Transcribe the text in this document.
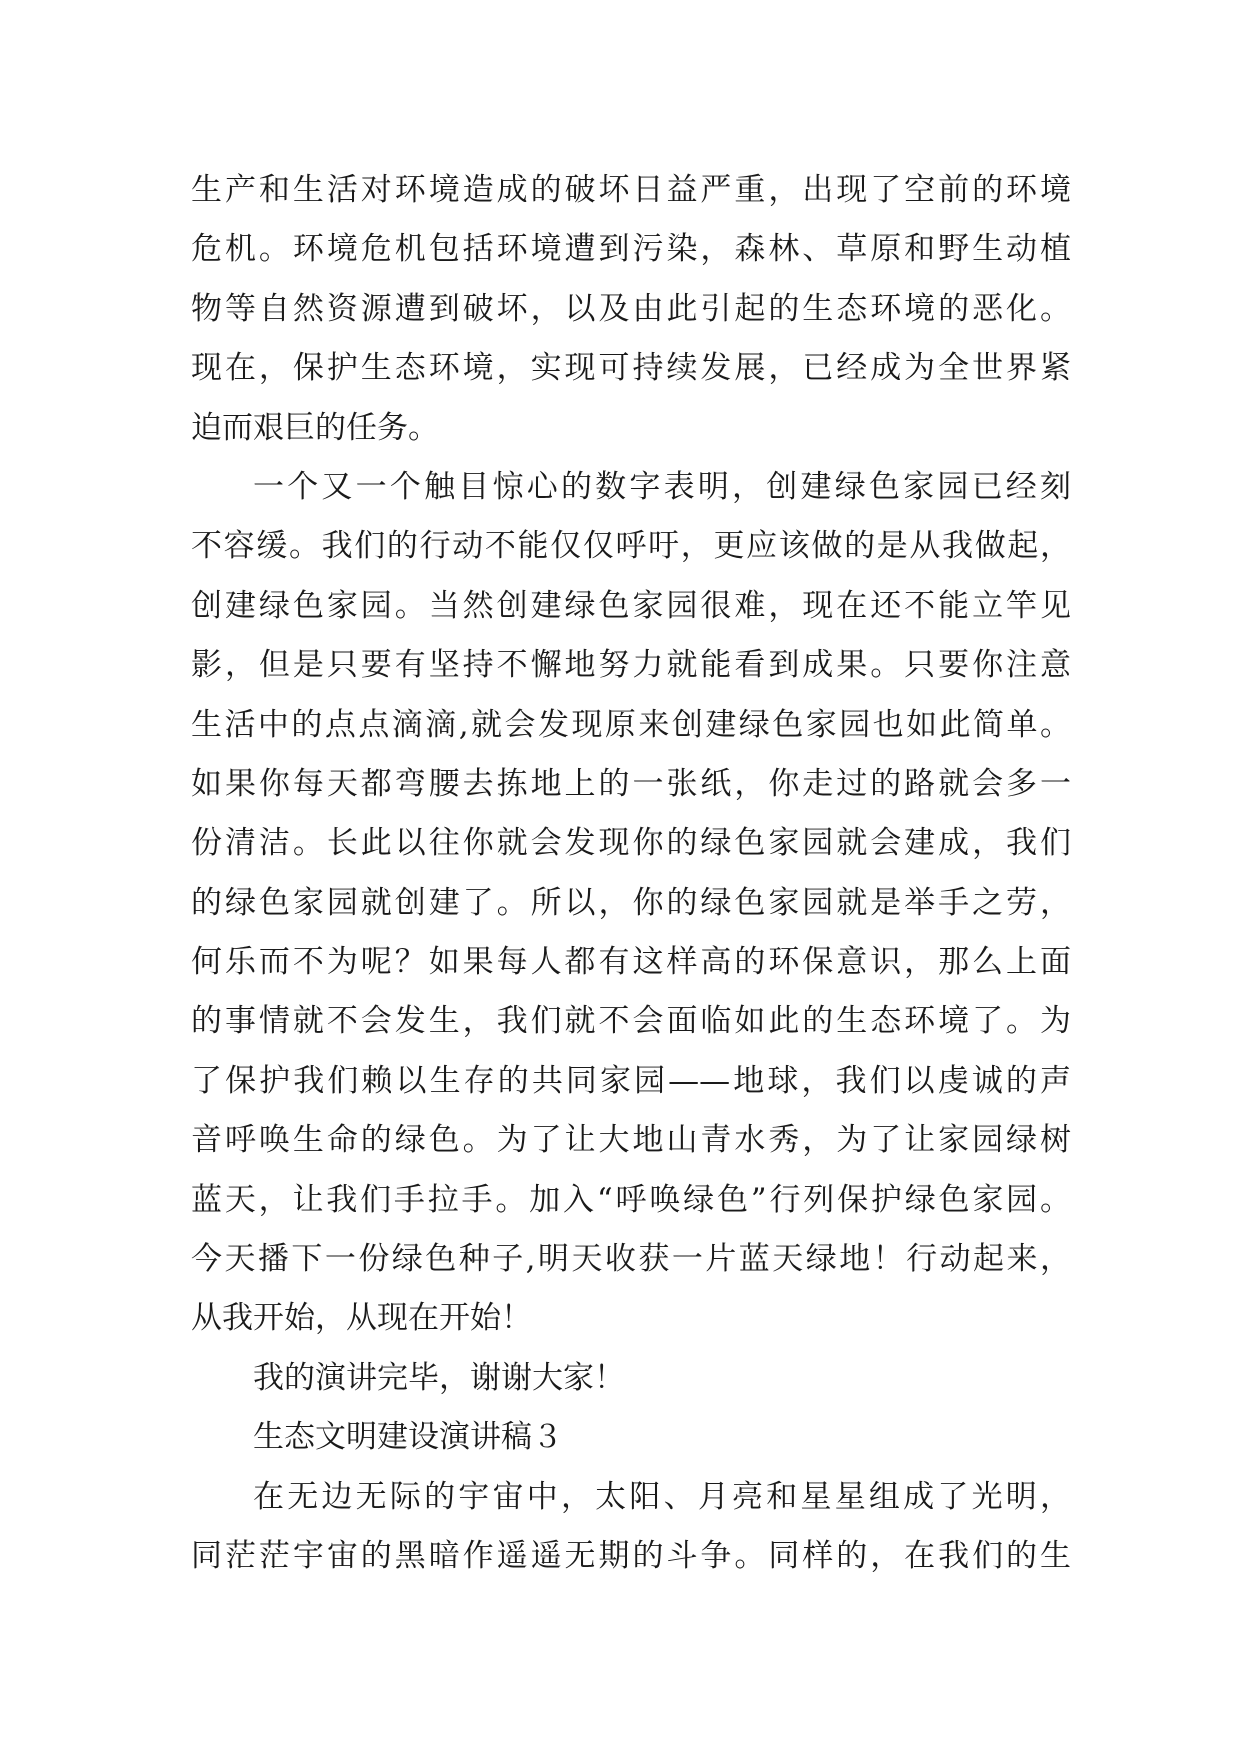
生产和生活对环境造成的破坏日益严重，出现了空前的环境
危机。环境危机包括环境遭到污染，森林、草原和野生动植
物等自然资源遭到破坏，以及由此引起的生态环境的恶化。
现在，保护生态环境，实现可持续发展，已经成为全世界紧
迫而艰巨的任务。
一个又一个触目惊心的数字表明，创建绿色家园已经刻
不容缓。我们的行动不能仅仅呼吁，更应该做的是从我做起，
创建绿色家园。当然创建绿色家园很难，现在还不能立竿见
影，但是只要有坚持不懈地努力就能看到成果。只要你注意
生活中的点点滴滴,就会发现原来创建绿色家园也如此简单。
如果你每天都弯腰去拣地上的一张纸，你走过的路就会多一
份清洁。长此以往你就会发现你的绿色家园就会建成，我们
的绿色家园就创建了。所以，你的绿色家园就是举手之劳，
何乐而不为呢？如果每人都有这样高的环保意识，那么上面
的事情就不会发生，我们就不会面临如此的生态环境了。为
了保护我们赖以生存的共同家园——地球，我们以虔诚的声
音呼唤生命的绿色。为了让大地山青水秀，为了让家园绿树
蓝天，让我们手拉手。加入“呼唤绿色”行列保护绿色家园。
今天播下一份绿色种子,明天收获一片蓝天绿地！行动起来，
从我开始，从现在开始！
我的演讲完毕，谢谢大家！
生态文明建设演讲稿３
在无边无际的宇宙中，太阳、月亮和星星组成了光明，
同茫茫宇宙的黑暗作遥遥无期的斗争。同样的，在我们的生
